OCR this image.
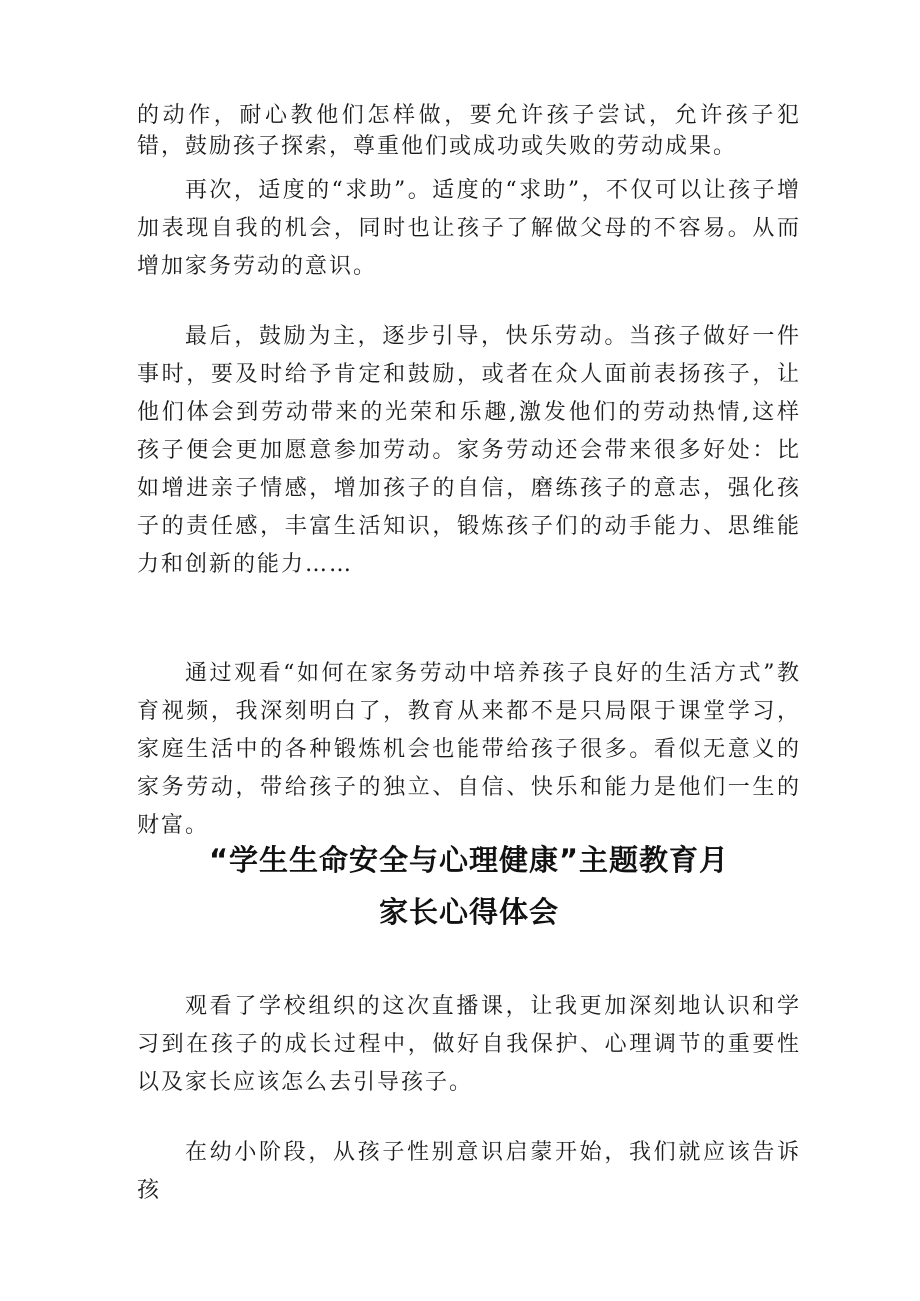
的动作，耐心教他们怎样做，要允许孩子尝试，允许孩子犯错，鼓励孩子探索，尊重他们或成功或失败的劳动成果。

再次，适度的“求助”。适度的“求助”，不仅可以让孩子增加表现自我的机会，同时也让孩子了解做父母的不容易。从而增加家务劳动的意识。

最后，鼓励为主，逐步引导，快乐劳动。当孩子做好一件事时，要及时给予肯定和鼓励，或者在众人面前表扬孩子，让他们体会到劳动带来的光荣和乐趣,激发他们的劳动热情,这样孩子便会更加愿意参加劳动。家务劳动还会带来很多好处：比如增进亲子情感，增加孩子的自信，磨练孩子的意志，强化孩子的责任感，丰富生活知识，锻炼孩子们的动手能力、思维能力和创新的能力……

通过观看“如何在家务劳动中培养孩子良好的生活方式”教育视频，我深刻明白了，教育从来都不是只局限于课堂学习，家庭生活中的各种锻炼机会也能带给孩子很多。看似无意义的家务劳动，带给孩子的独立、自信、快乐和能力是他们一生的财富。

“学生生命安全与心理健康”主题教育月
家长心得体会

观看了学校组织的这次直播课，让我更加深刻地认识和学习到在孩子的成长过程中，做好自我保护、心理调节的重要性以及家长应该怎么去引导孩子。

在幼小阶段，从孩子性别意识启蒙开始，我们就应该告诉孩
